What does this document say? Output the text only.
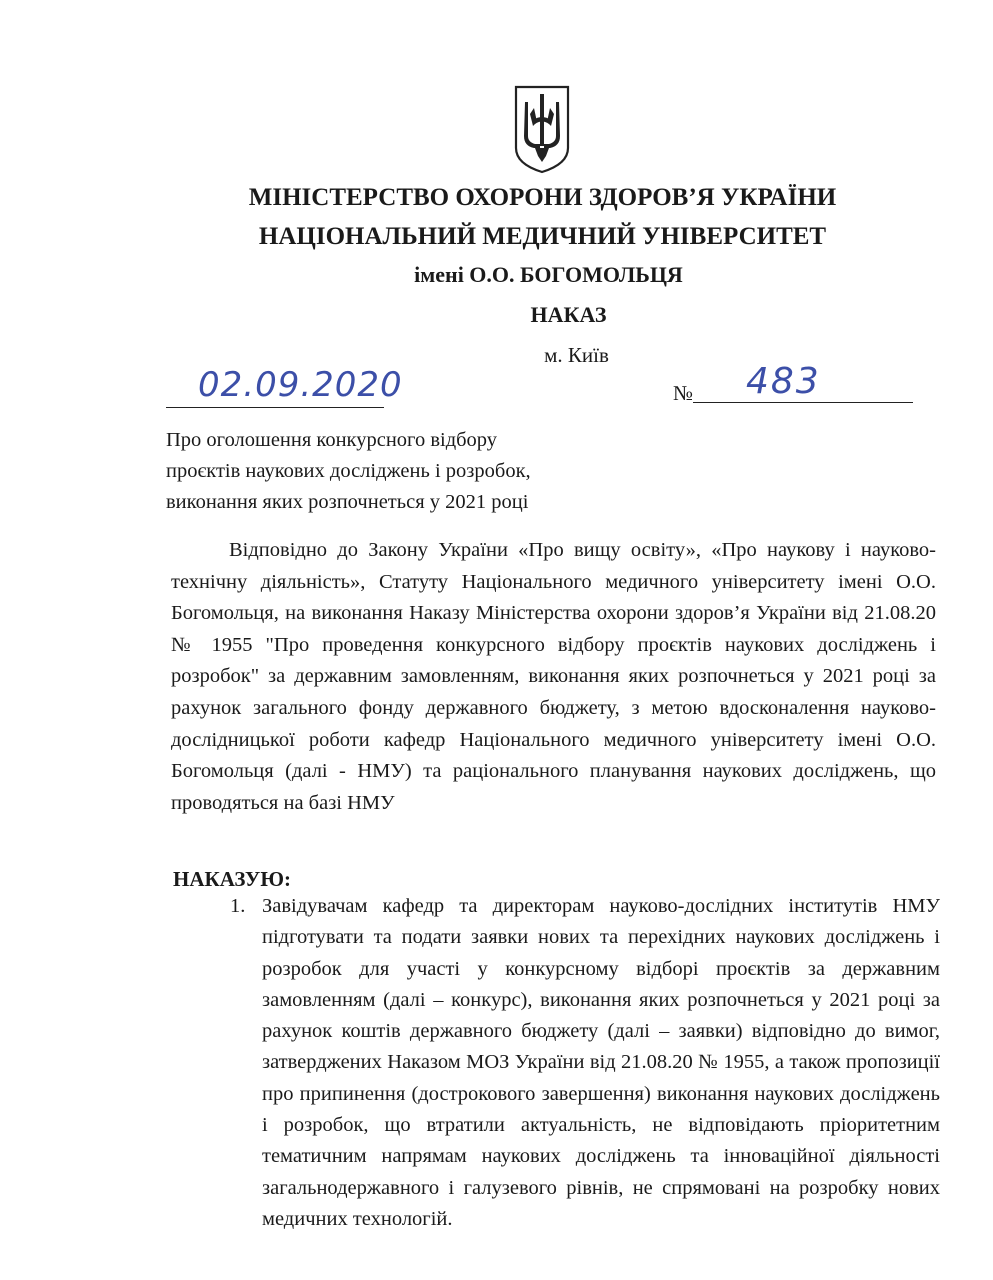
МІНІСТЕРСТВО ОХОРОНИ ЗДОРОВ’Я УКРАЇНИ
НАЦІОНАЛЬНИЙ МЕДИЧНИЙ УНІВЕРСИТЕТ
імені О.О. БОГОМОЛЬЦЯ
НАКАЗ
м. Київ
02.09.2020	№ 483
Про оголошення конкурсного відбору
проєктів наукових досліджень і розробок,
виконання яких розпочнеться у 2021 році

Відповідно до Закону України «Про вищу освіту», «Про наукову і науково-технічну діяльність», Статуту Національного медичного університету імені О.О. Богомольця, на виконання Наказу Міністерства охорони здоров’я України від 21.08.20 № 1955 "Про проведення конкурсного відбору проєктів наукових досліджень і розробок" за державним замовленням, виконання яких розпочнеться у 2021 році за рахунок загального фонду державного бюджету, з метою вдосконалення науково-дослідницької роботи кафедр Національного медичного університету імені О.О. Богомольця (далі - НМУ) та раціонального планування наукових досліджень, що проводяться на базі НМУ

НАКАЗУЮ:
1. Завідувачам кафедр та директорам науково-дослідних інститутів НМУ підготувати та подати заявки нових та перехідних наукових досліджень і розробок для участі у конкурсному відборі проєктів за державним замовленням (далі – конкурс), виконання яких розпочнеться у 2021 році за рахунок коштів державного бюджету (далі – заявки) відповідно до вимог, затверджених Наказом МОЗ України від 21.08.20 № 1955, а також пропозиції про припинення (дострокового завершення) виконання наукових досліджень і розробок, що втратили актуальність, не відповідають пріоритетним тематичним напрямам наукових досліджень та інноваційної діяльності загальнодержавного і галузевого рівнів, не спрямовані на розробку нових медичних технологій.
